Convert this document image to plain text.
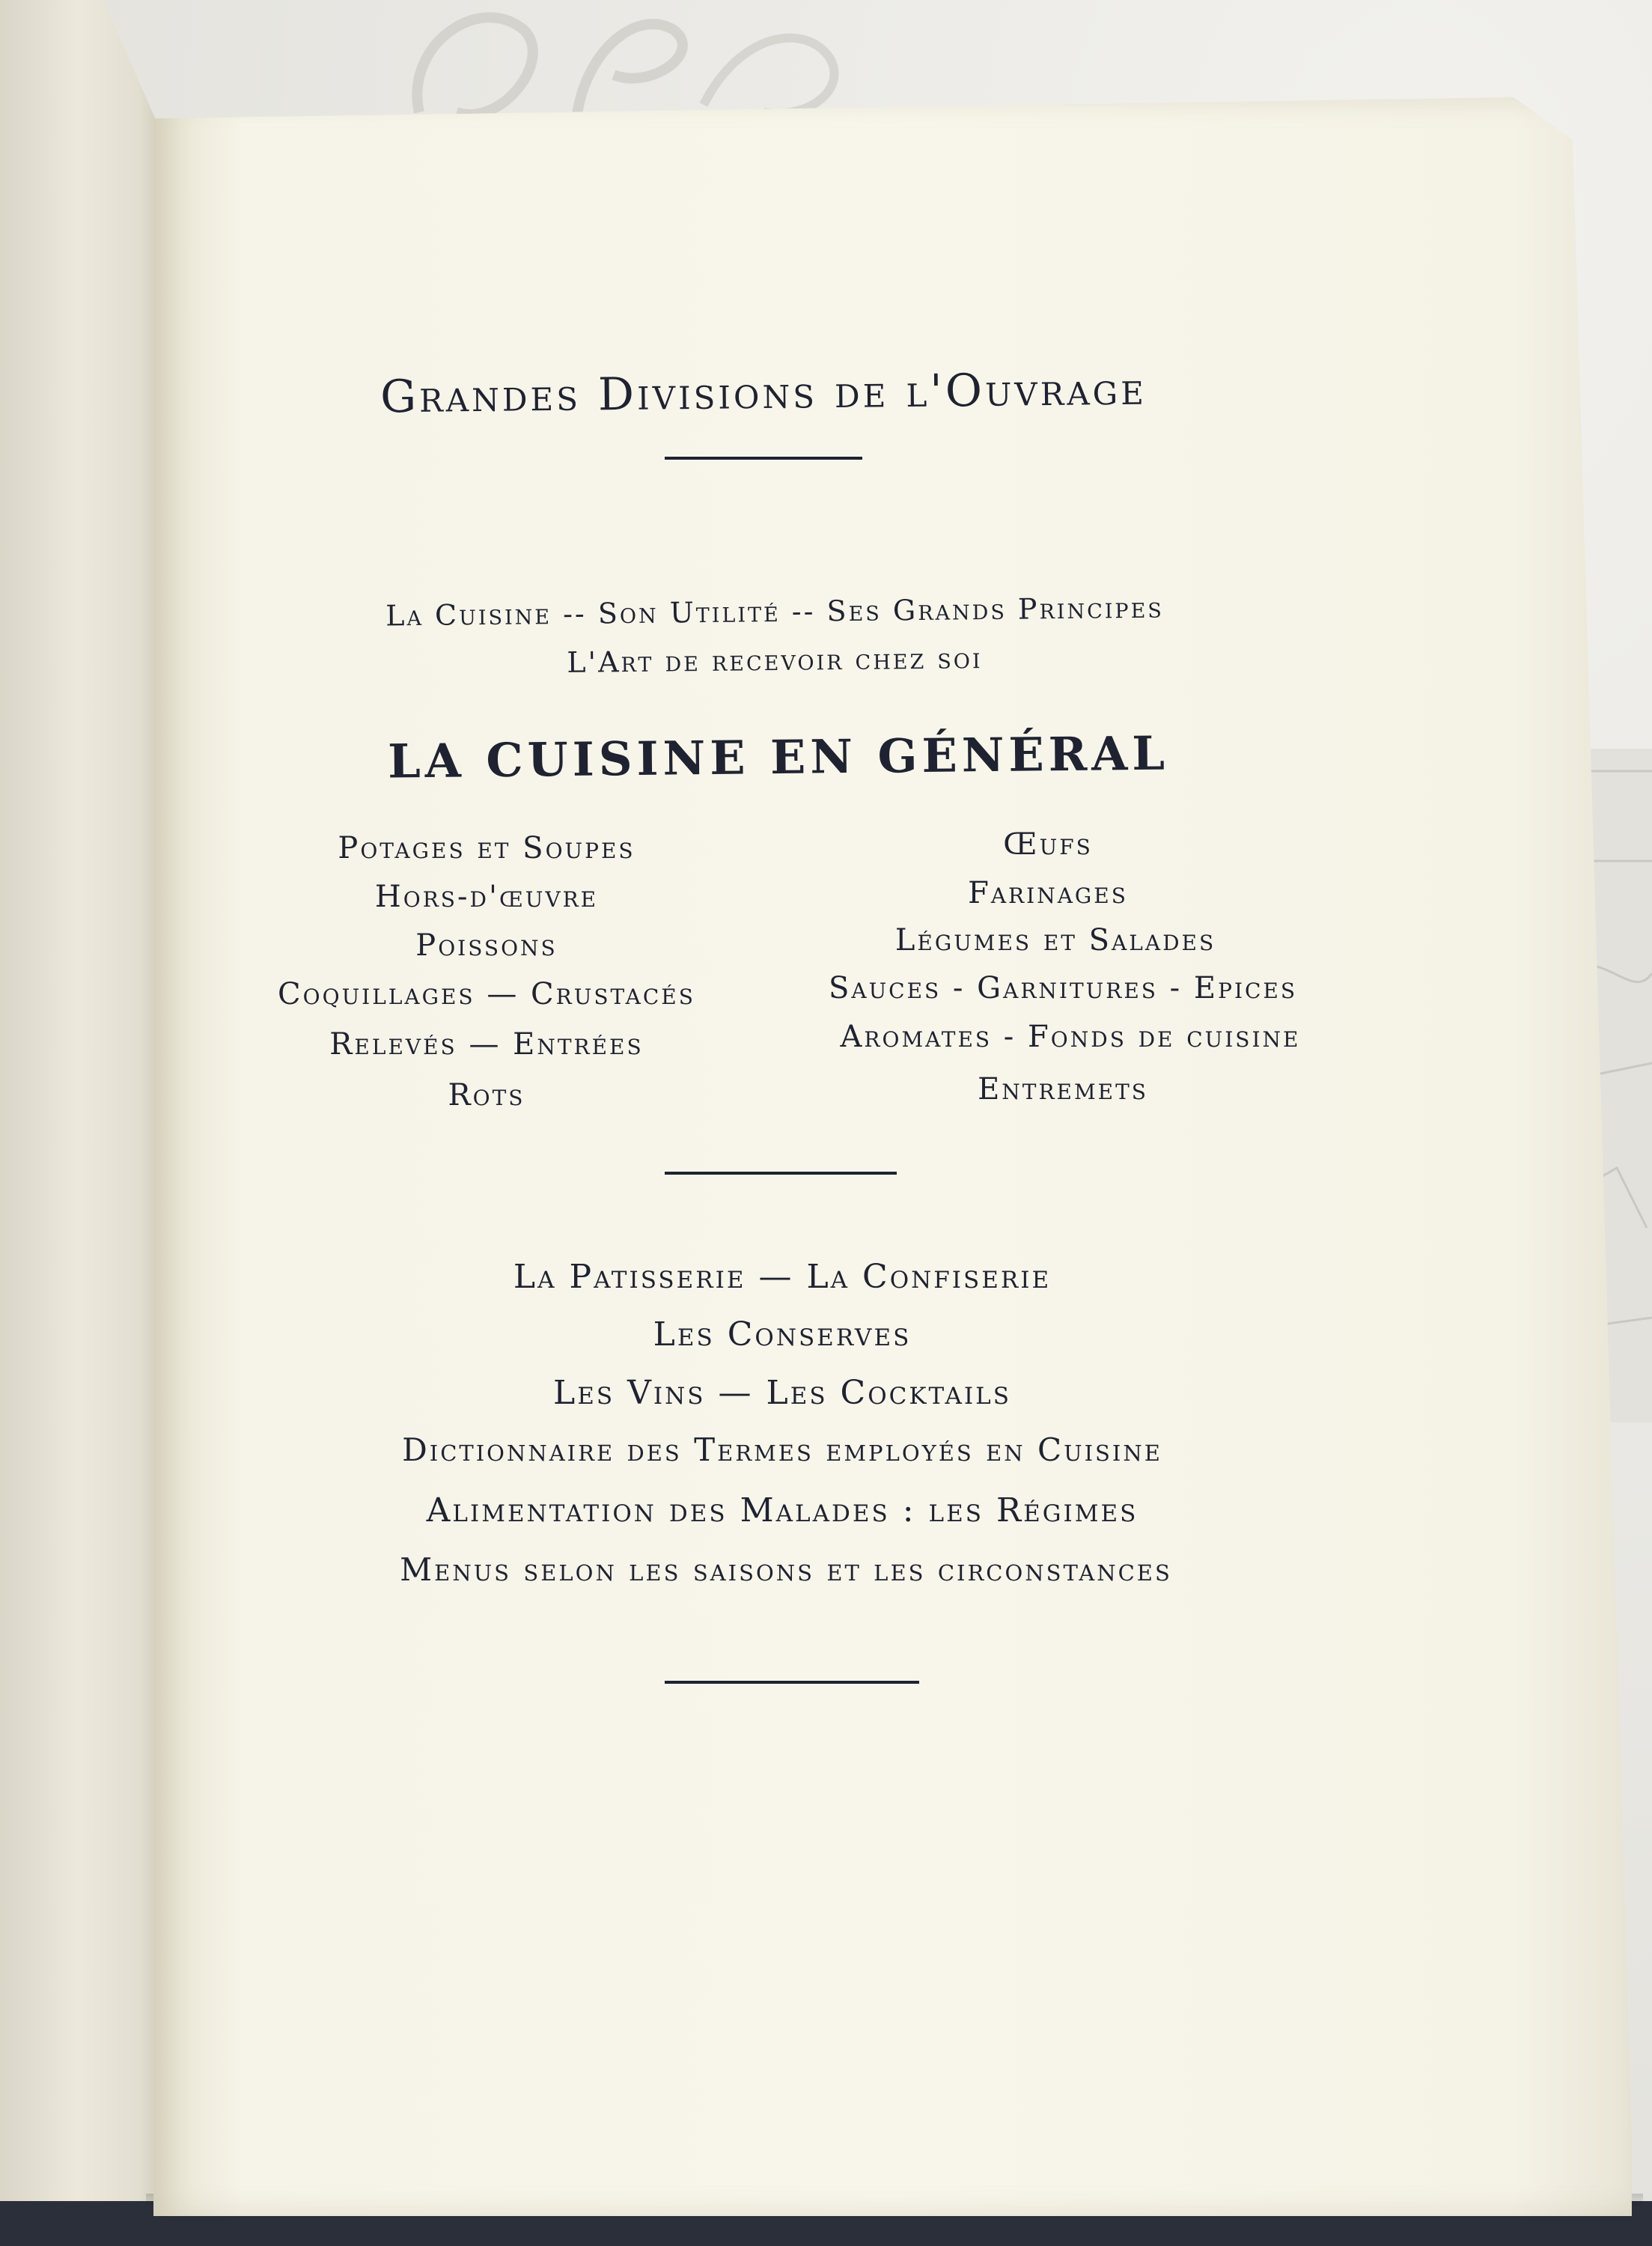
Grandes Divisions de l'Ouvrage
La Cuisine -- Son Utilité -- Ses Grands Principes
L'Art de recevoir chez soi
LA CUISINE EN GÉNÉRAL
Potages et Soupes
Hors-d'œuvre
Poissons
Coquillages — Crustacés
Relevés — Entrées
Rots
Œufs
Farinages
Légumes et Salades
Sauces - Garnitures - Epices
Aromates - Fonds de cuisine
Entremets
La Patisserie — La Confiserie
Les Conserves
Les Vins — Les Cocktails
Dictionnaire des Termes employés en Cuisine
Alimentation des Malades : les Régimes
Menus selon les saisons et les circonstances
